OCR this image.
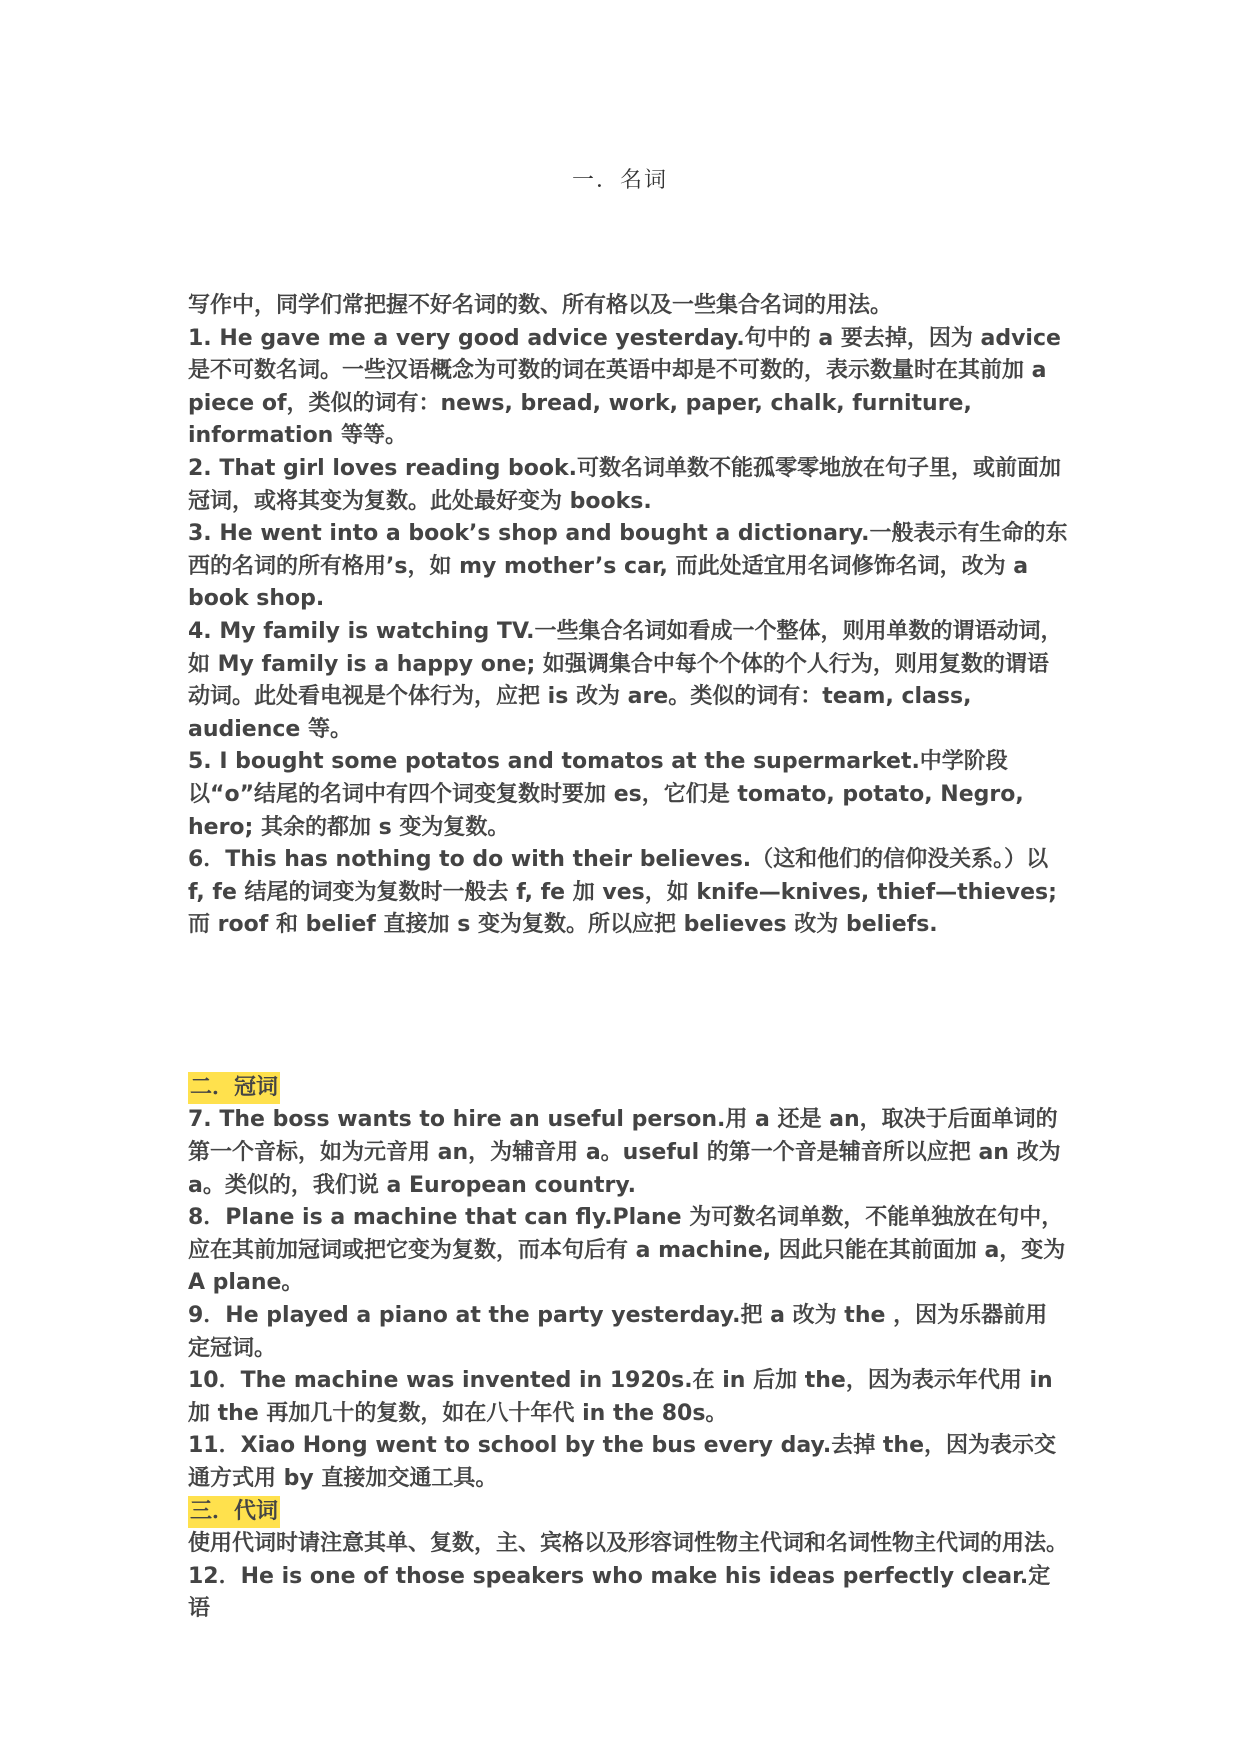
一．名词

写作中，同学们常把握不好名词的数、所有格以及一些集合名词的用法。

1. He gave me a very good advice yesterday.句中的 a 要去掉，因为 advice 是不可数名词。一些汉语概念为可数的词在英语中却是不可数的，表示数量时在其前加 a piece of，类似的词有：news, bread, work, paper, chalk, furniture, information 等等。

2. That girl loves reading book.可数名词单数不能孤零零地放在句子里，或前面加冠词，或将其变为复数。此处最好变为 books.

3. He went into a book’s shop and bought a dictionary.一般表示有生命的东西的名词的所有格用’s，如 my mother’s car, 而此处适宜用名词修饰名词，改为 a book shop.

4. My family is watching TV.一些集合名词如看成一个整体，则用单数的谓语动词，如 My family is a happy one; 如强调集合中每个个体的个人行为，则用复数的谓语动词。此处看电视是个体行为，应把 is 改为 are。类似的词有：team, class, audience 等。

5. I bought some potatos and tomatos at the supermarket.中学阶段以“o”结尾的名词中有四个词变复数时要加 es，它们是 tomato, potato, Negro, hero; 其余的都加 s 变为复数。

6．This has nothing to do with their believes.（这和他们的信仰没关系。）以 f, fe 结尾的词变为复数时一般去 f, fe 加 ves，如 knife—knives, thief—thieves; 而 roof 和 belief 直接加 s 变为复数。所以应把 believes 改为 beliefs.

二．冠词

7. The boss wants to hire an useful person.用 a 还是 an，取决于后面单词的第一个音标，如为元音用 an，为辅音用 a。useful 的第一个音是辅音所以应把 an 改为 a。类似的，我们说 a European country.

8．Plane is a machine that can fly.Plane 为可数名词单数，不能单独放在句中，应在其前加冠词或把它变为复数，而本句后有 a machine, 因此只能在其前面加 a，变为 A plane。

9．He played a piano at the party yesterday.把 a 改为 the ，因为乐器前用定冠词。

10．The machine was invented in 1920s.在 in 后加 the，因为表示年代用 in 加 the 再加几十的复数，如在八十年代 in the 80s。

11．Xiao Hong went to school by the bus every day.去掉 the，因为表示交通方式用 by 直接加交通工具。

三．代词

使用代词时请注意其单、复数，主、宾格以及形容词性物主代词和名词性物主代词的用法。

12．He is one of those speakers who make his ideas perfectly clear.定语
